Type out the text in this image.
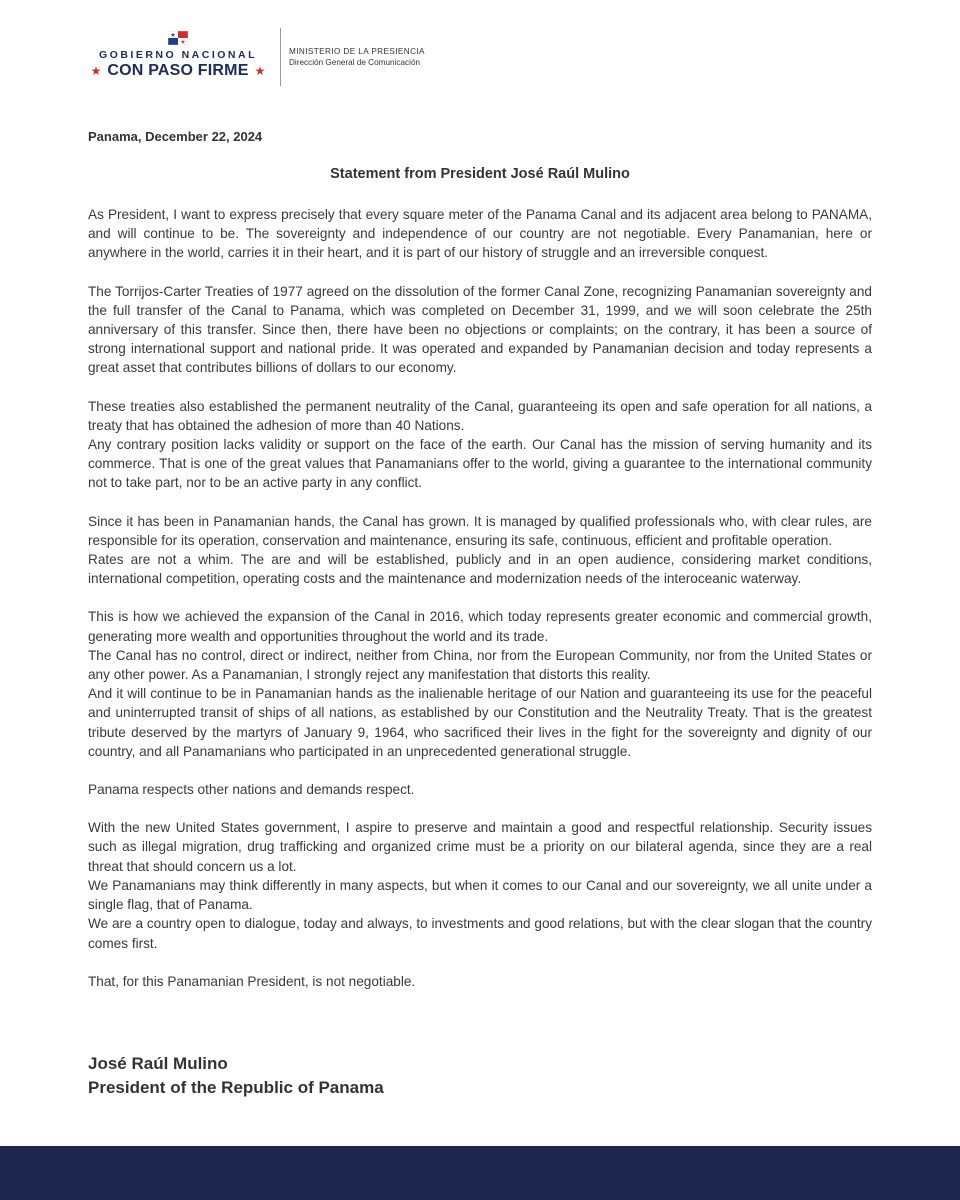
GOBIERNO NACIONAL
★ CON PASO FIRME ★
MINISTERIO DE LA PRESIENCIA
Dirección General de Comunicación
Panama, December 22, 2024
Statement from President José Raúl Mulino

As President, I want to express precisely that every square meter of the Panama Canal and its adjacent area belong to PANAMA, and will continue to be. The sovereignty and independence of our country are not negotiable. Every Panamanian, here or anywhere in the world, carries it in their heart, and it is part of our history of struggle and an irreversible conquest.

The Torrijos-Carter Treaties of 1977 agreed on the dissolution of the former Canal Zone, recognizing Panamanian sovereignty and the full transfer of the Canal to Panama, which was completed on December 31, 1999, and we will soon celebrate the 25th anniversary of this transfer. Since then, there have been no objections or complaints; on the contrary, it has been a source of strong international support and national pride. It was operated and expanded by Panamanian decision and today represents a great asset that contributes billions of dollars to our economy.

These treaties also established the permanent neutrality of the Canal, guaranteeing its open and safe operation for all nations, a treaty that has obtained the adhesion of more than 40 Nations.
Any contrary position lacks validity or support on the face of the earth. Our Canal has the mission of serving humanity and its commerce. That is one of the great values that Panamanians offer to the world, giving a guarantee to the international community not to take part, nor to be an active party in any conflict.

Since it has been in Panamanian hands, the Canal has grown. It is managed by qualified professionals who, with clear rules, are responsible for its operation, conservation and maintenance, ensuring its safe, continuous, efficient and profitable operation.
Rates are not a whim. The are and will be established, publicly and in an open audience, considering market conditions, international competition, operating costs and the maintenance and modernization needs of the interoceanic waterway.

This is how we achieved the expansion of the Canal in 2016, which today represents greater economic and commercial growth, generating more wealth and opportunities throughout the world and its trade.
The Canal has no control, direct or indirect, neither from China, nor from the European Community, nor from the United States or any other power. As a Panamanian, I strongly reject any manifestation that distorts this reality.
And it will continue to be in Panamanian hands as the inalienable heritage of our Nation and guaranteeing its use for the peaceful and uninterrupted transit of ships of all nations, as established by our Constitution and the Neutrality Treaty. That is the greatest tribute deserved by the martyrs of January 9, 1964, who sacrificed their lives in the fight for the sovereignty and dignity of our country, and all Panamanians who participated in an unprecedented generational struggle.

Panama respects other nations and demands respect.

With the new United States government, I aspire to preserve and maintain a good and respectful relationship. Security issues such as illegal migration, drug trafficking and organized crime must be a priority on our bilateral agenda, since they are a real threat that should concern us a lot.
We Panamanians may think differently in many aspects, but when it comes to our Canal and our sovereignty, we all unite under a single flag, that of Panama.
We are a country open to dialogue, today and always, to investments and good relations, but with the clear slogan that the country comes first.

That, for this Panamanian President, is not negotiable.

José Raúl Mulino
President of the Republic of Panama
